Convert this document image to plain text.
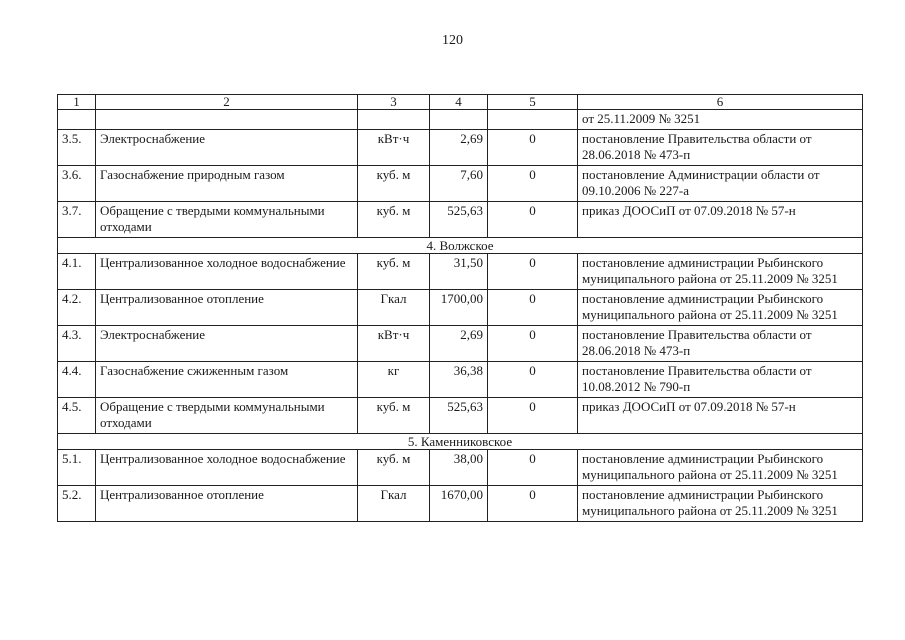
120
1	2	3	4	5	6
					от 25.11.2009 № 3251
3.5.	Электроснабжение	кВт·ч	2,69	0	постановление Правительства области от 28.06.2018 № 473-п
3.6.	Газоснабжение природным газом	куб. м	7,60	0	постановление Администрации области от 09.10.2006 № 227-а
3.7.	Обращение с твердыми коммунальными отходами	куб. м	525,63	0	приказ ДООСиП от 07.09.2018 № 57-н
4. Волжское					
4.1.	Централизованное холодное водоснабжение	куб. м	31,50	0	постановление администрации Рыбинского муниципального района от 25.11.2009 № 3251
4.2.	Централизованное отопление	Гкал	1700,00	0	постановление администрации Рыбинского муниципального района от 25.11.2009 № 3251
4.3.	Электроснабжение	кВт·ч	2,69	0	постановление Правительства области от 28.06.2018 № 473-п
4.4.	Газоснабжение сжиженным газом	кг	36,38	0	постановление Правительства области от 10.08.2012 № 790-п
4.5.	Обращение с твердыми коммунальными отходами	куб. м	525,63	0	приказ ДООСиП от 07.09.2018 № 57-н
5. Каменниковское					
5.1.	Централизованное холодное водоснабжение	куб. м	38,00	0	постановление администрации Рыбинского муниципального района от 25.11.2009 № 3251
5.2.	Централизованное отопление	Гкал	1670,00	0	постановление администрации Рыбинского муниципального района от 25.11.2009 № 3251
